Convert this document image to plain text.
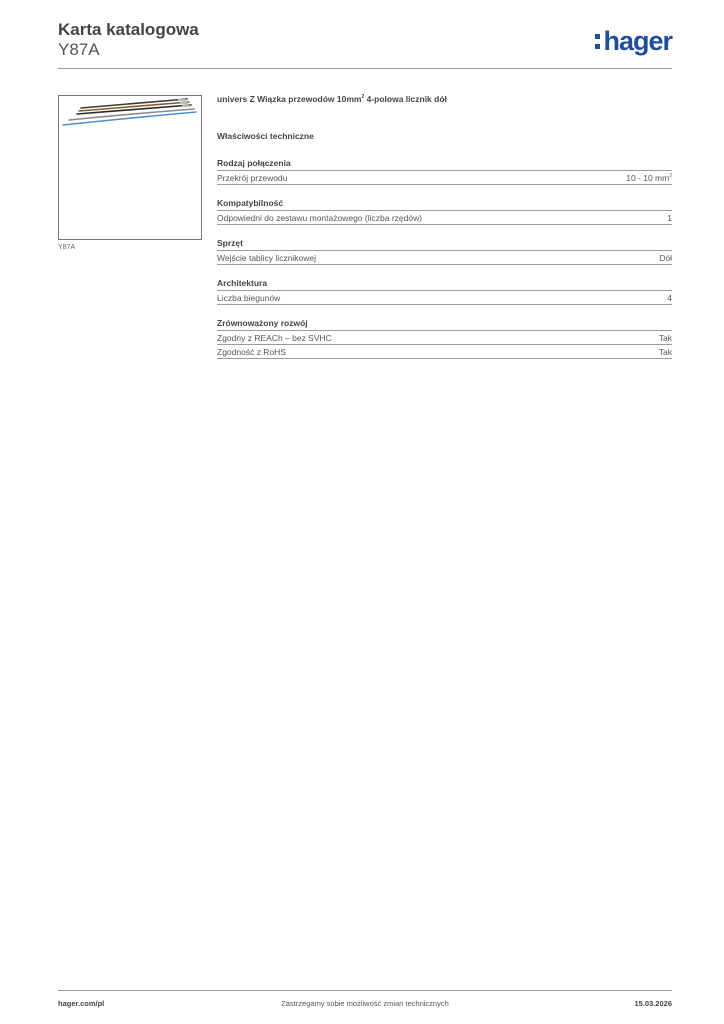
Karta katalogowa
Y87A	hager
Y87A
univers Z Wiązka przewodów $10mm^2$ 4-polowa licznik dół
Właściwości techniczne
Rodzaj połączenia
Przekrój przewodu	10 - 10 $mm^2$
Kompatybilność
Odpowiedni do zestawu montażowego (liczba rzędów)	1
Sprzęt
Wejście tablicy licznikowej	Dół
Architektura
Liczba biegunów	4
Zrównoważony rozwój
Zgodny z REACh – bez SVHC	Tak
Zgodność z RoHS	Tak
hager.com/pl	Zastrzegamy sobie możliwość zmian technicznych	15.03.2026
